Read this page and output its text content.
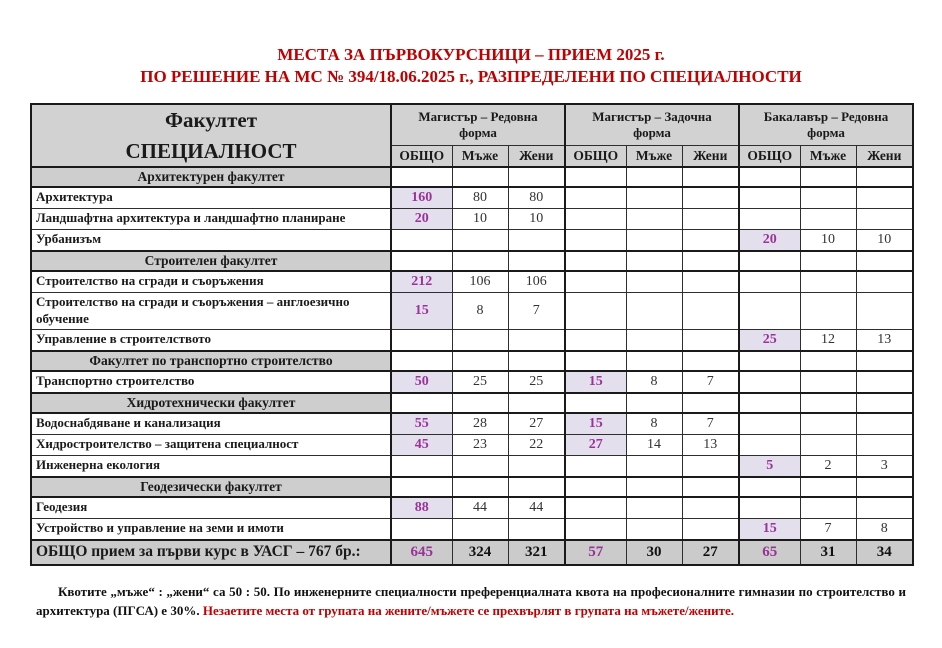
МЕСТА ЗА ПЪРВОКУРСНИЦИ – ПРИЕМ 2025 г.
ПО РЕШЕНИЕ НА МС № 394/18.06.2025 г., РАЗПРЕДЕЛЕНИ ПО СПЕЦИАЛНОСТИ
Факултет
СПЕЦИАЛНОСТ	Магистър – Редовна форма			Магистър – Задочна форма			Бакалавър – Редовна форма		
	ОБЩО	Мъже	Жени	ОБЩО	Мъже	Жени	ОБЩО	Мъже	Жени
Архитектурен факултет									
Архитектура	160	80	80						
Ландшафтна архитектура и ландшафтно планиране	20	10	10						
Урбанизъм							20	10	10
Строителен факултет									
Строителство на сгради и съоръжения	212	106	106						
Строителство на сгради и съоръжения – англоезично обучение	15	8	7						
Управление в строителството							25	12	13
Факултет по транспортно строителство									
Транспортно строителство	50	25	25	15	8	7			
Хидротехнически факултет									
Водоснабдяване и канализация	55	28	27	15	8	7			
Хидростроителство – защитена специалност	45	23	22	27	14	13			
Инженерна екология							5	2	3
Геодезически факултет									
Геодезия	88	44	44						
Устройство и управление на земи и имоти							15	7	8
ОБЩО прием за първи курс в УАСГ – 767 бр.:	645	324	321	57	30	27	65	31	34

Квотите „мъже“ : „жени“ са 50 : 50. По инженерните специалности преференциалната квота на професионалните гимназии по строителство и архитектура (ПГСА) е 30%. Незаетите места от групата на жените/мъжете се прехвърлят в групата на мъжете/жените.
